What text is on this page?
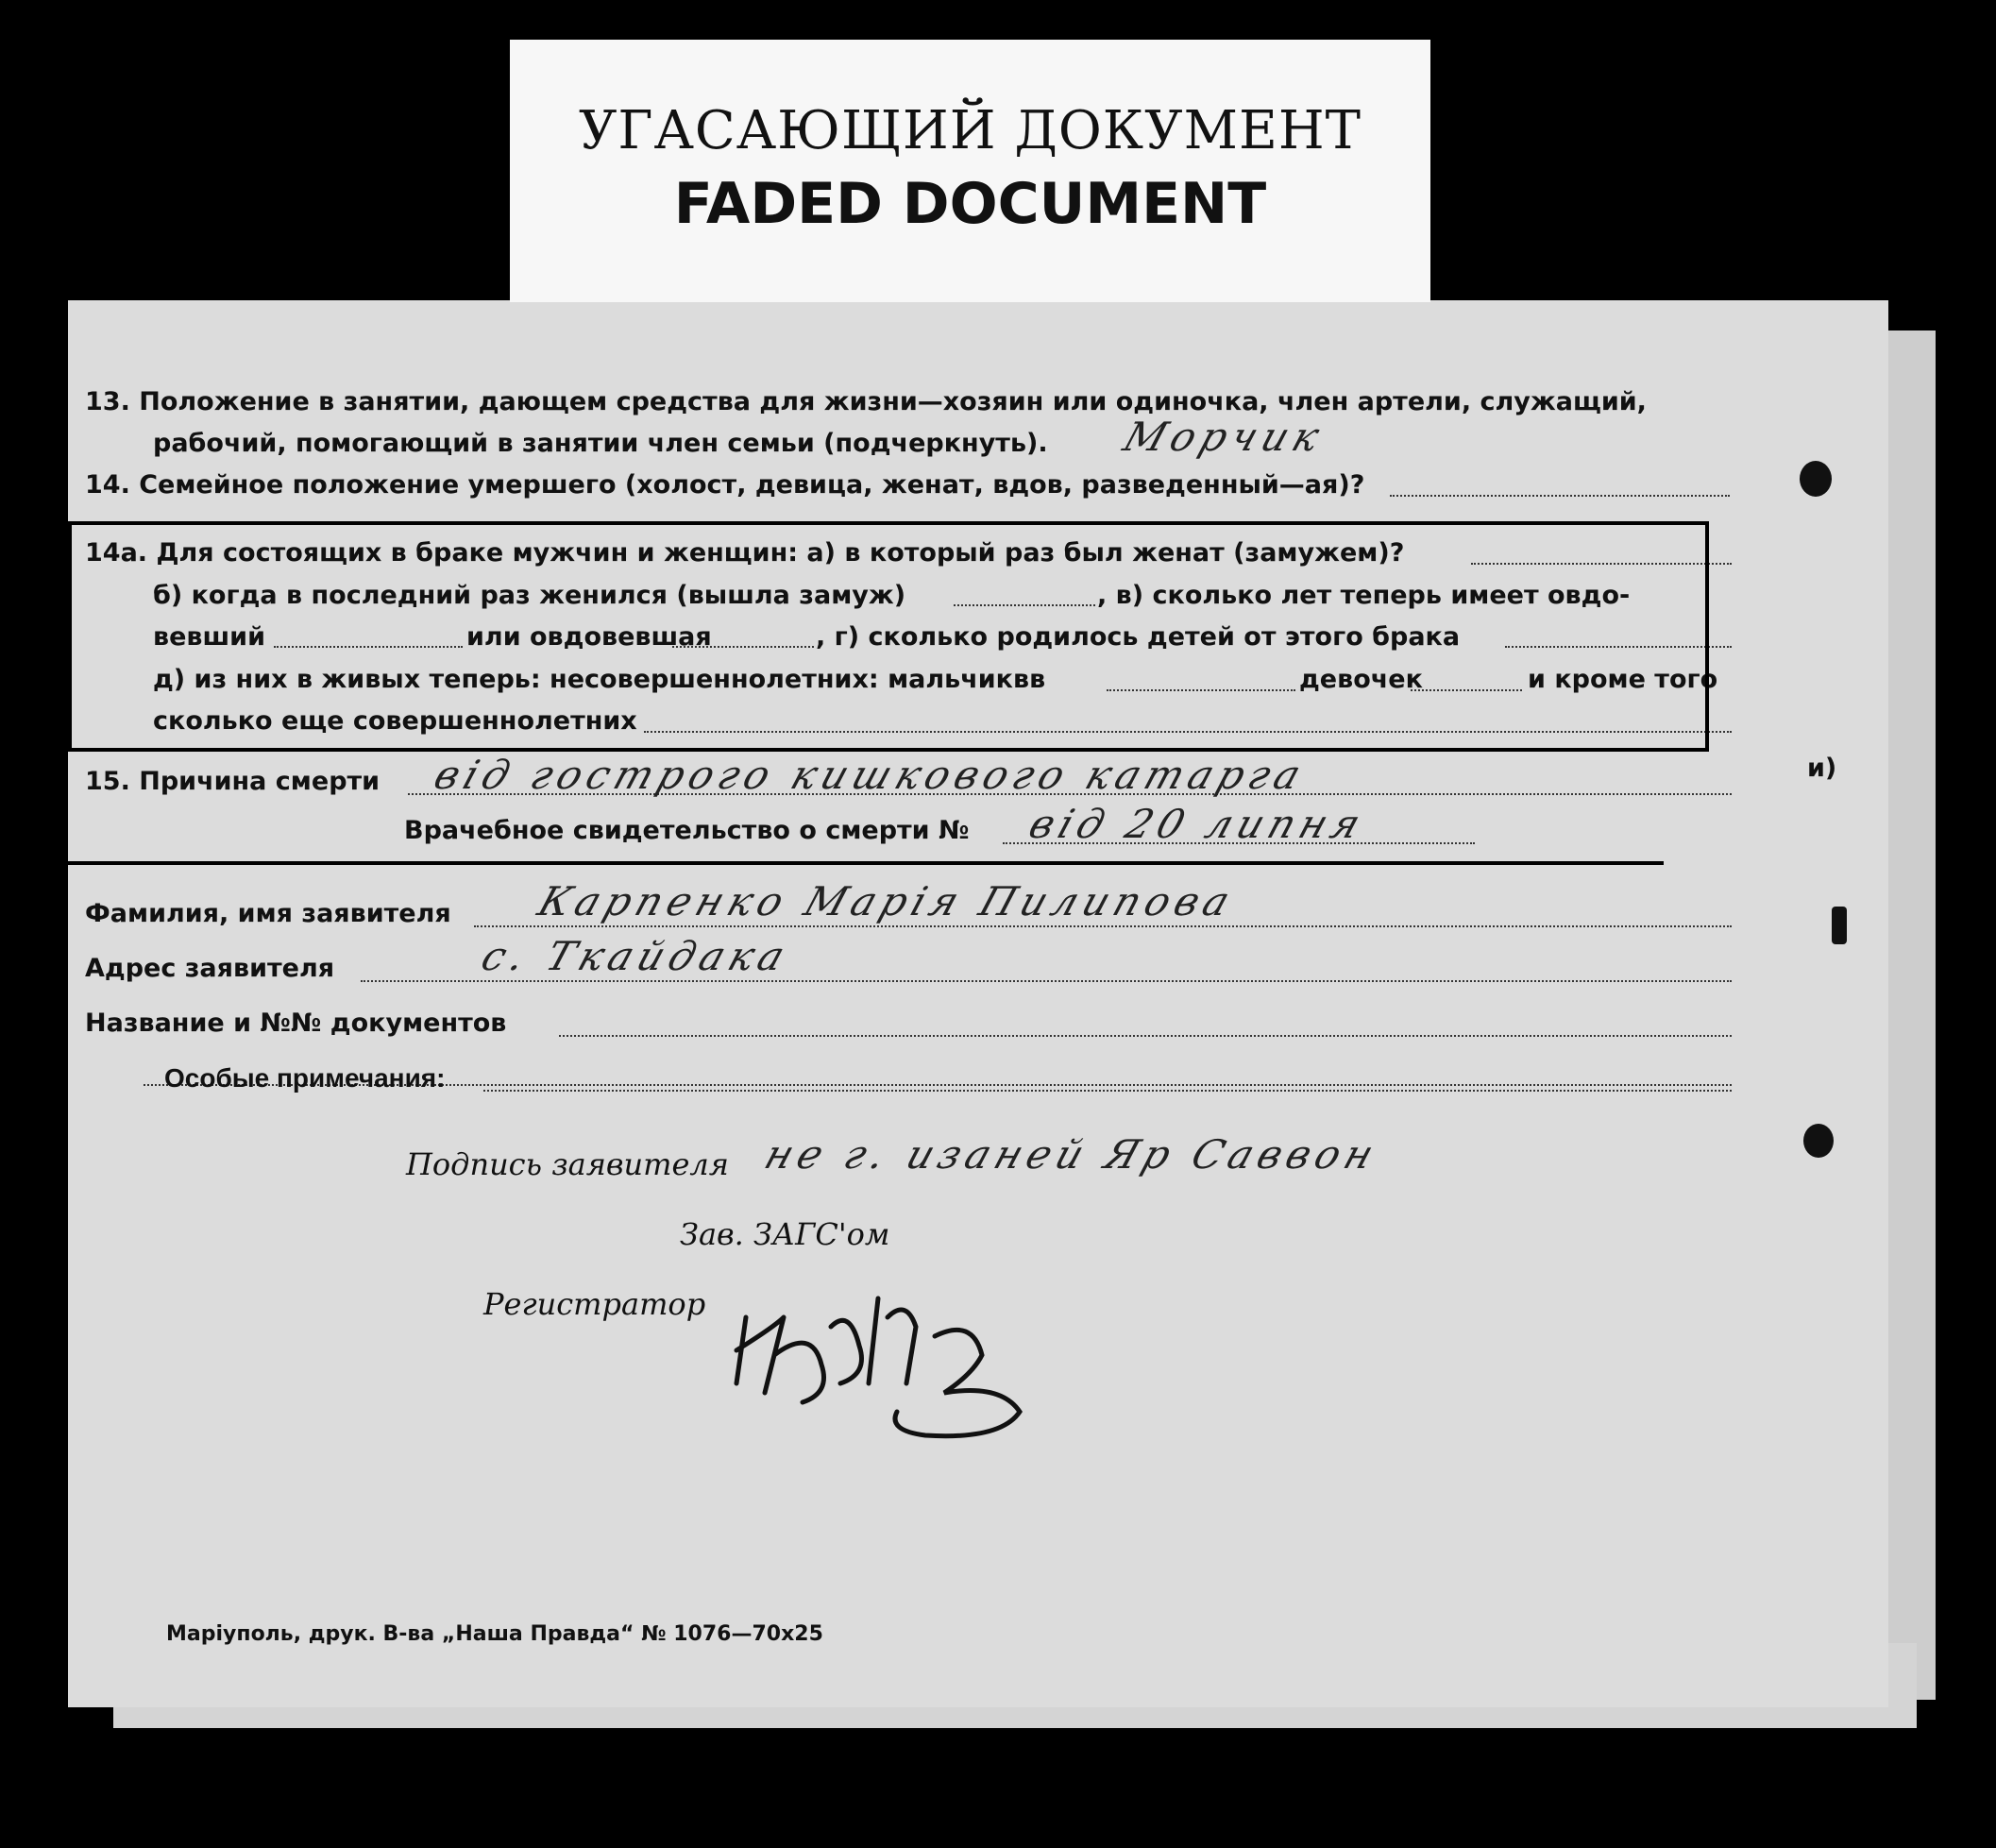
13. Положение в занятии, дающем средства для жизни—хозяин или одиночка, член артели, служащий,
рабочий, помогающий в занятии член семьи (подчеркнуть). Морчик
14. Семейное положение умершего (холост, девица, женат, вдов, разведенный—ая)?
14а. Для состоящих в браке мужчин и женщин: а) в который раз был женат (замужем)?
б) когда в последний раз женился (вышла замуж)	, в) сколько лет теперь имеет овдо-
вевший	или овдовевшая	, г) сколько родилось детей от этого брака
д) из них в живых теперь: несовершеннолетних: мальчиквв	девочек	и кроме того
сколько еще совершеннолетних
15. Причина смерти від гострого кишкового катарга	и)
Врачебное свидетельство о смерти № від 20 липня
Фамилия, имя заявителя Карпенко Марія Пилипова
Адрес заявителя	с. Ткайдака
Название и №№ документов
Особые примечания:
Подпись заявителя не г. изаней Яр Саввон
Зав. ЗАГС'ом
Регистратор
Маріуполь, друк. В-ва „Наша Правда“ № 1076—70x25
УГАСАЮЩИЙ ДОКУМЕНТ
FADED DOCUMENT
